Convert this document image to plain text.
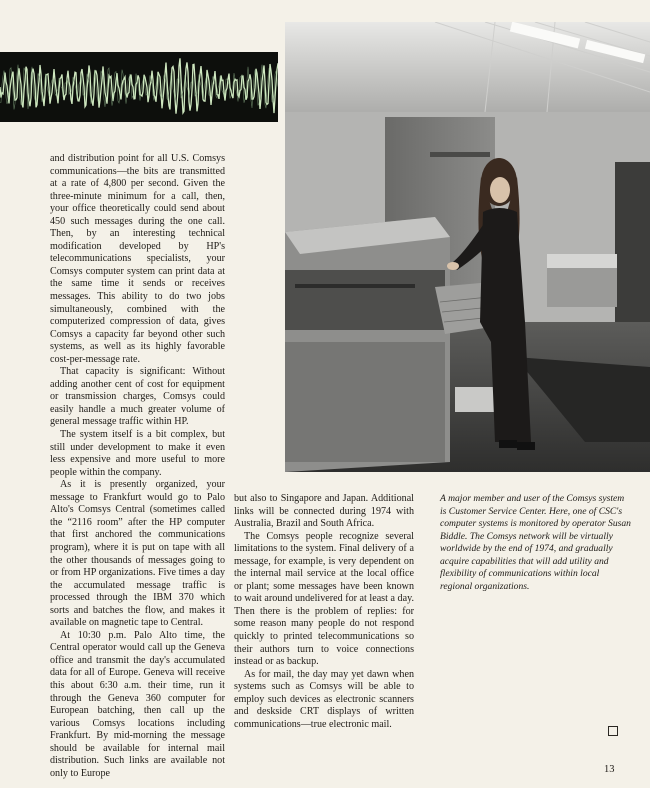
and distribution point for all U.S. Comsys communications—the bits are transmitted at a rate of 4,800 per second. Given the three-minute minimum for a call, then, your office theoretically could send about 450 such messages during the one call. Then, by an interesting technical modification developed by HP's telecommunications specialists, your Comsys computer system can print data at the same time it sends or receives messages. This ability to do two jobs simultaneously, combined with the computerized compression of data, gives Comsys a capacity far beyond other such systems, as well as its highly favorable cost-per-message rate.

That capacity is significant: Without adding another cent of cost for equipment or transmission charges, Comsys could easily handle a much greater volume of general message traffic within HP.

The system itself is a bit complex, but still under development to make it even less expensive and more useful to more people within the company.

As it is presently organized, your message to Frankfurt would go to Palo Alto's Comsys Central (sometimes called the “2116 room” after the HP computer that first anchored the communications program), where it is put on tape with all the other thousands of messages going to or from HP organizations. Five times a day the accumulated message traffic is processed through the IBM 370 which sorts and batches the flow, and makes it available on magnetic tape to Central.

At 10:30 p.m. Palo Alto time, the Central operator would call up the Geneva office and transmit the day's accumulated data for all of Europe. Geneva will receive this about 6:30 a.m. their time, run it through the Geneva 360 computer for European batching, then call up the various Comsys locations including Frankfurt. By mid-morning the message should be available for internal mail distribution. Such links are available not only to Europe

but also to Singapore and Japan. Additional links will be connected during 1974 with Australia, Brazil and South Africa.

The Comsys people recognize several limitations to the system. Final delivery of a message, for example, is very dependent on the internal mail service at the local office or plant; some messages have been known to wait around undelivered for at least a day. Then there is the problem of replies: for some reason many people do not respond quickly to printed telecommunications so their authors turn to voice connections instead or as backup.

As for mail, the day may yet dawn when systems such as Comsys will be able to employ such devices as electronic scanners and deskside CRT displays of written communications—true electronic mail.

A major member and user of the Comsys system is Customer Service Center. Here, one of CSC's computer systems is monitored by operator Susan Biddle. The Comsys network will be virtually worldwide by the end of 1974, and gradually acquire capabilities that will add utility and flexibility of communications within local regional organizations.
13
